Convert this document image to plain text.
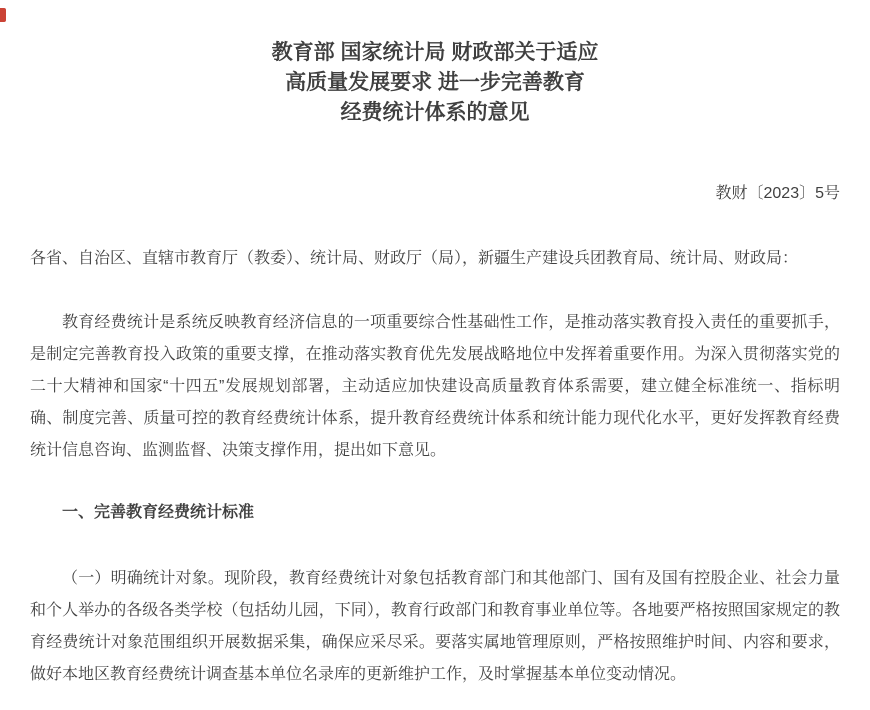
教育部 国家统计局 财政部关于适应
高质量发展要求 进一步完善教育
经费统计体系的意见

教财〔2023〕5号

各省、自治区、直辖市教育厅（教委）、统计局、财政厅（局），新疆生产建设兵团教育局、统计局、财政局：

教育经费统计是系统反映教育经济信息的一项重要综合性基础性工作，是推动落实教育投入责任的重要抓手，是制定完善教育投入政策的重要支撑，在推动落实教育优先发展战略地位中发挥着重要作用。为深入贯彻落实党的二十大精神和国家“十四五”发展规划部署，主动适应加快建设高质量教育体系需要，建立健全标准统一、指标明确、制度完善、质量可控的教育经费统计体系，提升教育经费统计体系和统计能力现代化水平，更好发挥教育经费统计信息咨询、监测监督、决策支撑作用，提出如下意见。

一、完善教育经费统计标准

（一）明确统计对象。现阶段，教育经费统计对象包括教育部门和其他部门、国有及国有控股企业、社会力量和个人举办的各级各类学校（包括幼儿园，下同），教育行政部门和教育事业单位等。各地要严格按照国家规定的教育经费统计对象范围组织开展数据采集，确保应采尽采。要落实属地管理原则，严格按照维护时间、内容和要求，做好本地区教育经费统计调查基本单位名录库的更新维护工作，及时掌握基本单位变动情况。
